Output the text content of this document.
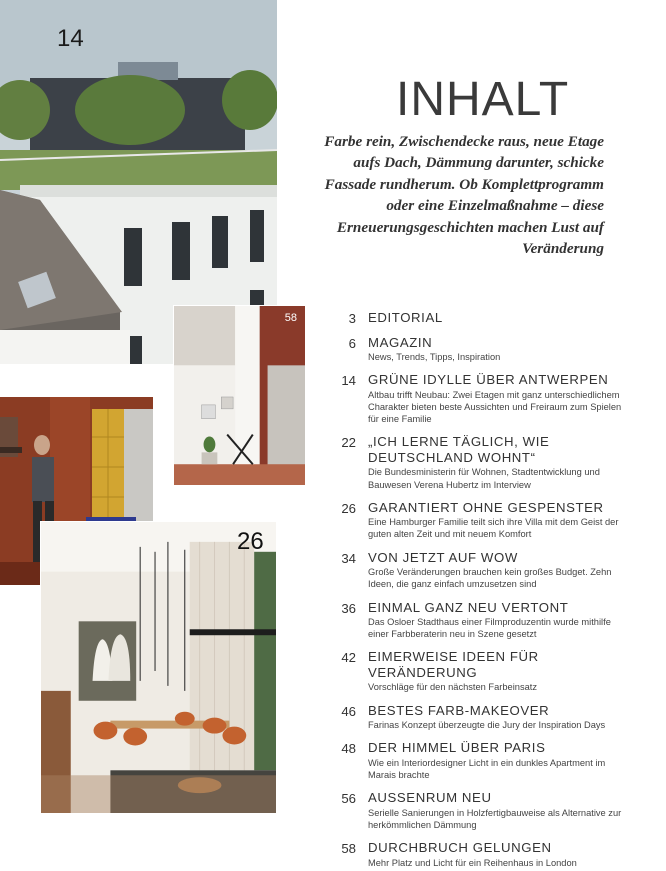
14
58
26
INHALT
Farbe rein, Zwischendecke raus, neue Etage aufs Dach, Dämmung darunter, schicke Fassade rundherum. Ob Komplettprogramm oder eine Einzelmaßnahme – diese Erneuerungsgeschichten machen Lust auf Veränderung
3 EDITORIAL
6 MAGAZIN
News, Trends, Tipps, Inspiration
14 GRÜNE IDYLLE ÜBER ANTWERPEN
Altbau trifft Neubau: Zwei Etagen mit ganz unterschiedlichem Charakter bieten beste Aussichten und Freiraum zum Spielen für eine Familie
22 „ICH LERNE TÄGLICH, WIE DEUTSCHLAND WOHNT“
Die Bundesministerin für Wohnen, Stadtentwicklung und Bauwesen Verena Hubertz im Interview
26 GARANTIERT OHNE GESPENSTER
Eine Hamburger Familie teilt sich ihre Villa mit dem Geist der guten alten Zeit und mit neuem Komfort
34 VON JETZT AUF WOW
Große Veränderungen brauchen kein großes Budget. Zehn Ideen, die ganz einfach umzusetzen sind
36 EINMAL GANZ NEU VERTONT
Das Osloer Stadthaus einer Filmproduzentin wurde mithilfe einer Farbberaterin neu in Szene gesetzt
42 EIMERWEISE IDEEN FÜR VERÄNDERUNG
Vorschläge für den nächsten Farbeinsatz
46 BESTES FARB-MAKEOVER
Farinas Konzept überzeugte die Jury der Inspiration Days
48 DER HIMMEL ÜBER PARIS
Wie ein Interiordesigner Licht in ein dunkles Apartment im Marais brachte
56 AUSSENRUM NEU
Serielle Sanierungen in Holzfertigbauweise als Alternative zur herkömmlichen Dämmung
58 DURCHBRUCH GELUNGEN
Mehr Platz und Licht für ein Reihenhaus in London
